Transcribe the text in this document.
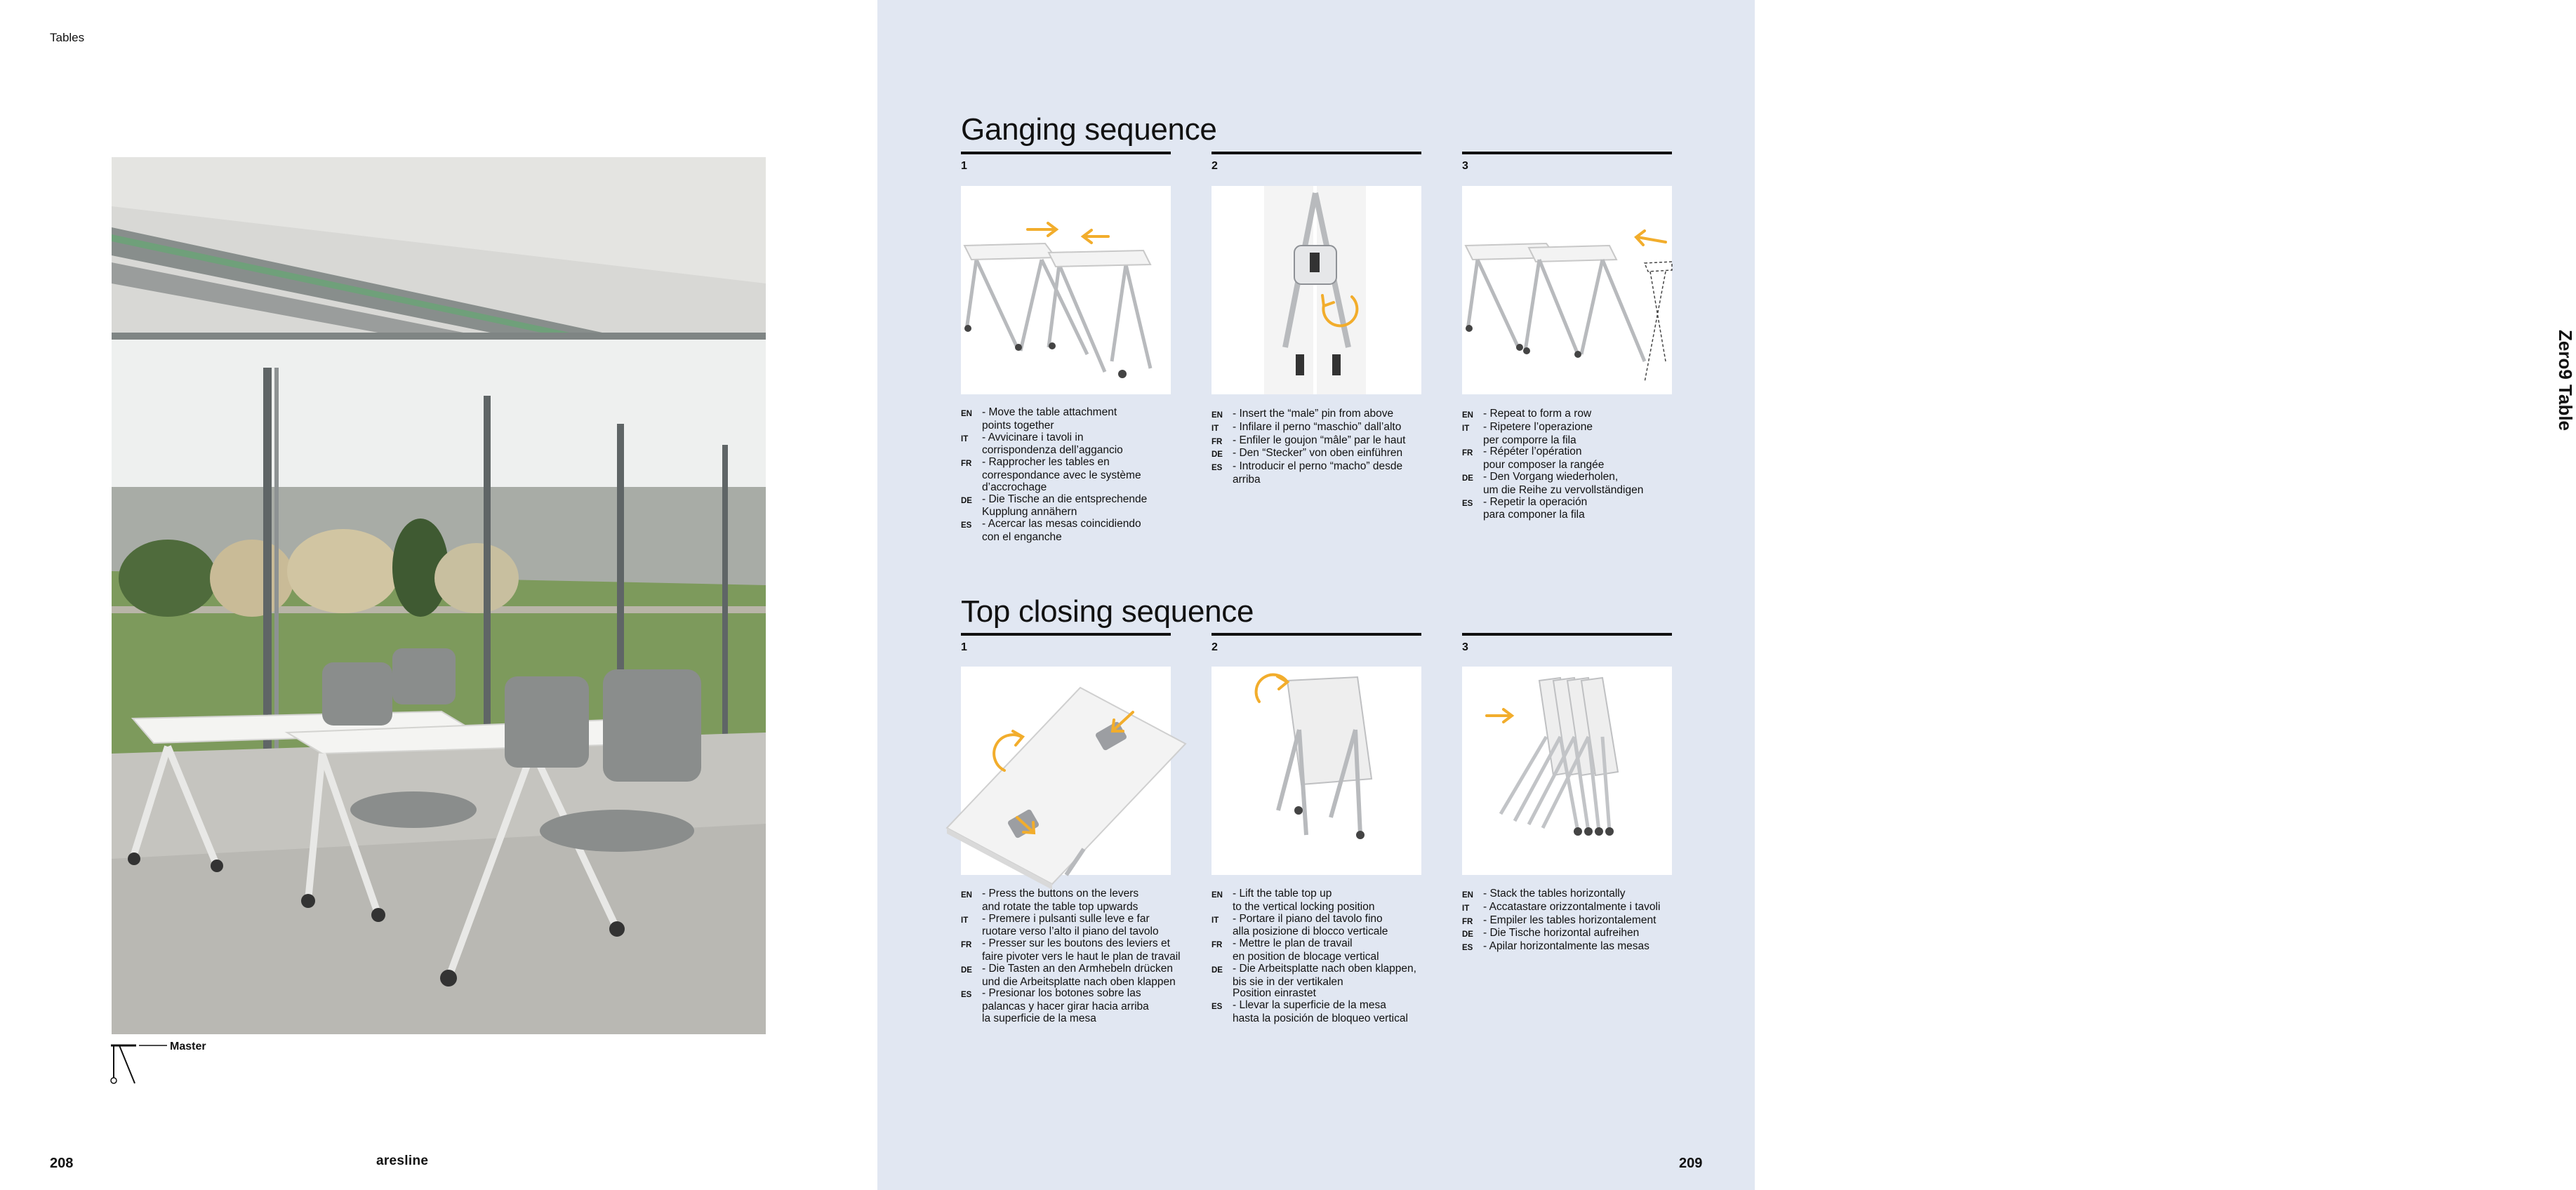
Tables
Master
208	aresline
Zero9 Table
209
Ganging sequence
1	2	3
EN - Move the table attachment
points together
IT	- Avvicinare i tavoli in
corrispondenza dell’aggancio
FR - Rapprocher les tables en
correspondance avec le système
d’accrochage
DE - Die Tische an die entsprechende
Kupplung annähern
ES - Acercar las mesas coincidiendo
con el enganche
EN - Insert the “male” pin from above
IT	- Infilare il perno “maschio” dall’alto
FR - Enfiler le goujon “mâle” par le haut
DE - Den “Stecker” von oben einführen
ES - Introducir el perno “macho” desde
arriba
EN - Repeat to form a row
IT	- Ripetere l’operazione
per comporre la fila
FR - Répéter l’opération
pour composer la rangée
DE - Den Vorgang wiederholen,
um die Reihe zu vervollständigen
ES - Repetir la operación
para componer la fila
Top closing sequence
1	2	3
EN - Press the buttons on the levers
and rotate the table top upwards
IT	- Premere i pulsanti sulle leve e far
ruotare verso l’alto il piano del tavolo
FR - Presser sur les boutons des leviers et
faire pivoter vers le haut le plan de travail
DE - Die Tasten an den Armhebeln drücken
und die Arbeitsplatte nach oben klappen
ES - Presionar los botones sobre las
palancas y hacer girar hacia arriba
la superficie de la mesa
EN - Lift the table top up
to the vertical locking position
IT	- Portare il piano del tavolo fino
alla posizione di blocco verticale
FR - Mettre le plan de travail
en position de blocage vertical
DE - Die Arbeitsplatte nach oben klappen,
bis sie in der vertikalen
Position einrastet
ES - Llevar la superficie de la mesa
hasta la posición de bloqueo vertical
EN - Stack the tables horizontally
IT	- Accatastare orizzontalmente i tavoli
FR - Empiler les tables horizontalement
DE - Die Tische horizontal aufreihen
ES - Apilar horizontalmente las mesas
